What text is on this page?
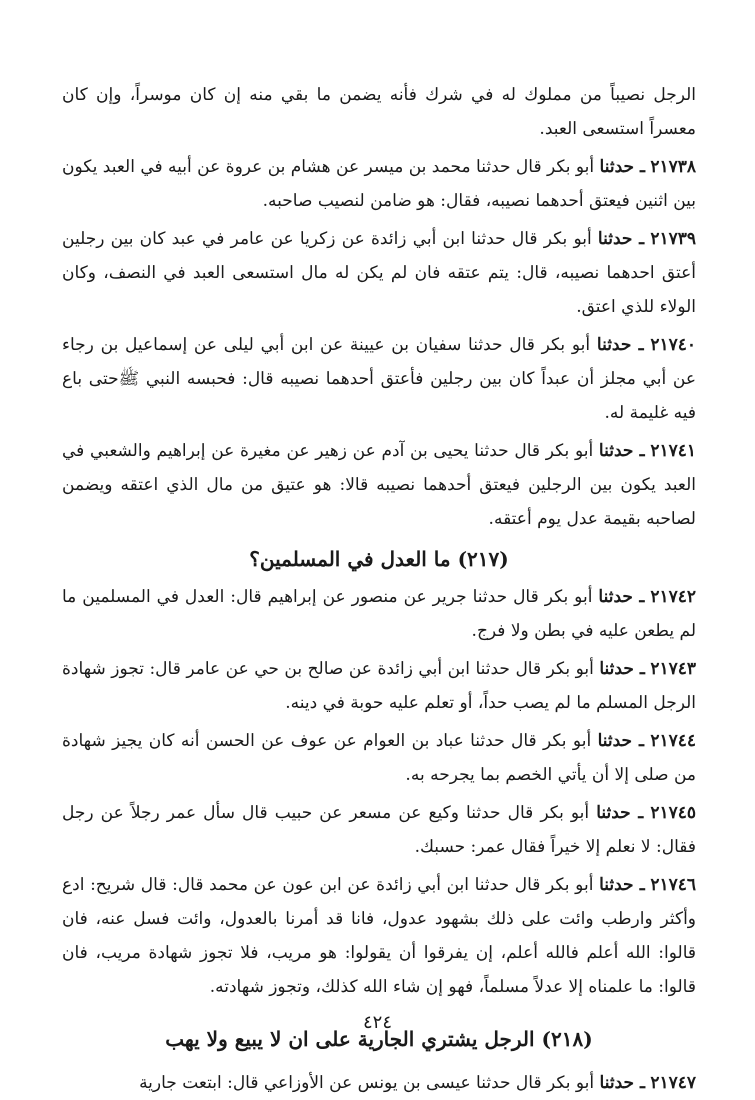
الرجل نصيباً من مملوك له في شرك فأنه يضمن ما بقي منه إن كان موسراً، وإن كان معسراً استسعى العبد.

٢١٧٣٨ ـ حدثنا أبو بكر قال حدثنا محمد بن ميسر عن هشام بن عروة عن أبيه في العبد يكون بين اثنين فيعتق أحدهما نصيبه، فقال: هو ضامن لنصيب صاحبه.

٢١٧٣٩ ـ حدثنا أبو بكر قال حدثنا ابن أبي زائدة عن زكريا عن عامر في عبد كان بين رجلين أعتق احدهما نصيبه، قال: يتم عتقه فان لم يكن له مال استسعى العبد في النصف، وكان الولاء للذي اعتق.

٢١٧٤٠ ـ حدثنا أبو بكر قال حدثنا سفيان بن عيينة عن ابن أبي ليلى عن إسماعيل بن رجاء عن أبي مجلز أن عبداً كان بين رجلين فأعتق أحدهما نصيبه قال: فحبسه النبي ﷺحتى باع فيه غليمة له.

٢١٧٤١ ـ حدثنا أبو بكر قال حدثنا يحيى بن آدم عن زهير عن مغيرة عن إبراهيم والشعبي في العبد يكون بين الرجلين فيعتق أحدهما نصيبه قالا: هو عتيق من مال الذي اعتقه ويضمن لصاحبه بقيمة عدل يوم أعتقه.

(٢١٧) ما العدل في المسلمين؟

٢١٧٤٢ ـ حدثنا أبو بكر قال حدثنا جرير عن منصور عن إبراهيم قال: العدل في المسلمين ما لم يطعن عليه في بطن ولا فرج.

٢١٧٤٣ ـ حدثنا أبو بكر قال حدثنا ابن أبي زائدة عن صالح بن حي عن عامر قال: تجوز شهادة الرجل المسلم ما لم يصب حداً، أو تعلم عليه حوبة في دينه.

٢١٧٤٤ ـ حدثنا أبو بكر قال حدثنا عباد بن العوام عن عوف عن الحسن أنه كان يجيز شهادة من صلى إلا أن يأتي الخصم بما يجرحه به.

٢١٧٤٥ ـ حدثنا أبو بكر قال حدثنا وكيع عن مسعر عن حبيب قال سأل عمر رجلاً عن رجل فقال: لا نعلم إلا خيراً فقال عمر: حسبك.

٢١٧٤٦ ـ حدثنا أبو بكر قال حدثنا ابن أبي زائدة عن ابن عون عن محمد قال: قال شريح: ادع وأكثر وارطب وائت على ذلك بشهود عدول، فانا قد أمرنا بالعدول، وائت فسل عنه، فان قالوا: الله أعلم فالله أعلم، إن يفرقوا أن يقولوا: هو مريب، فلا تجوز شهادة مريب، فان قالوا: ما علمناه إلا عدلاً مسلماً، فهو إن شاء الله كذلك، وتجوز شهادته.

(٢١٨) الرجل يشتري الجارية على ان لا يبيع ولا يهب

٢١٧٤٧ ـ حدثنا أبو بكر قال حدثنا عيسى بن يونس عن الأوزاعي قال: ابتعت جارية

٤٢٤
